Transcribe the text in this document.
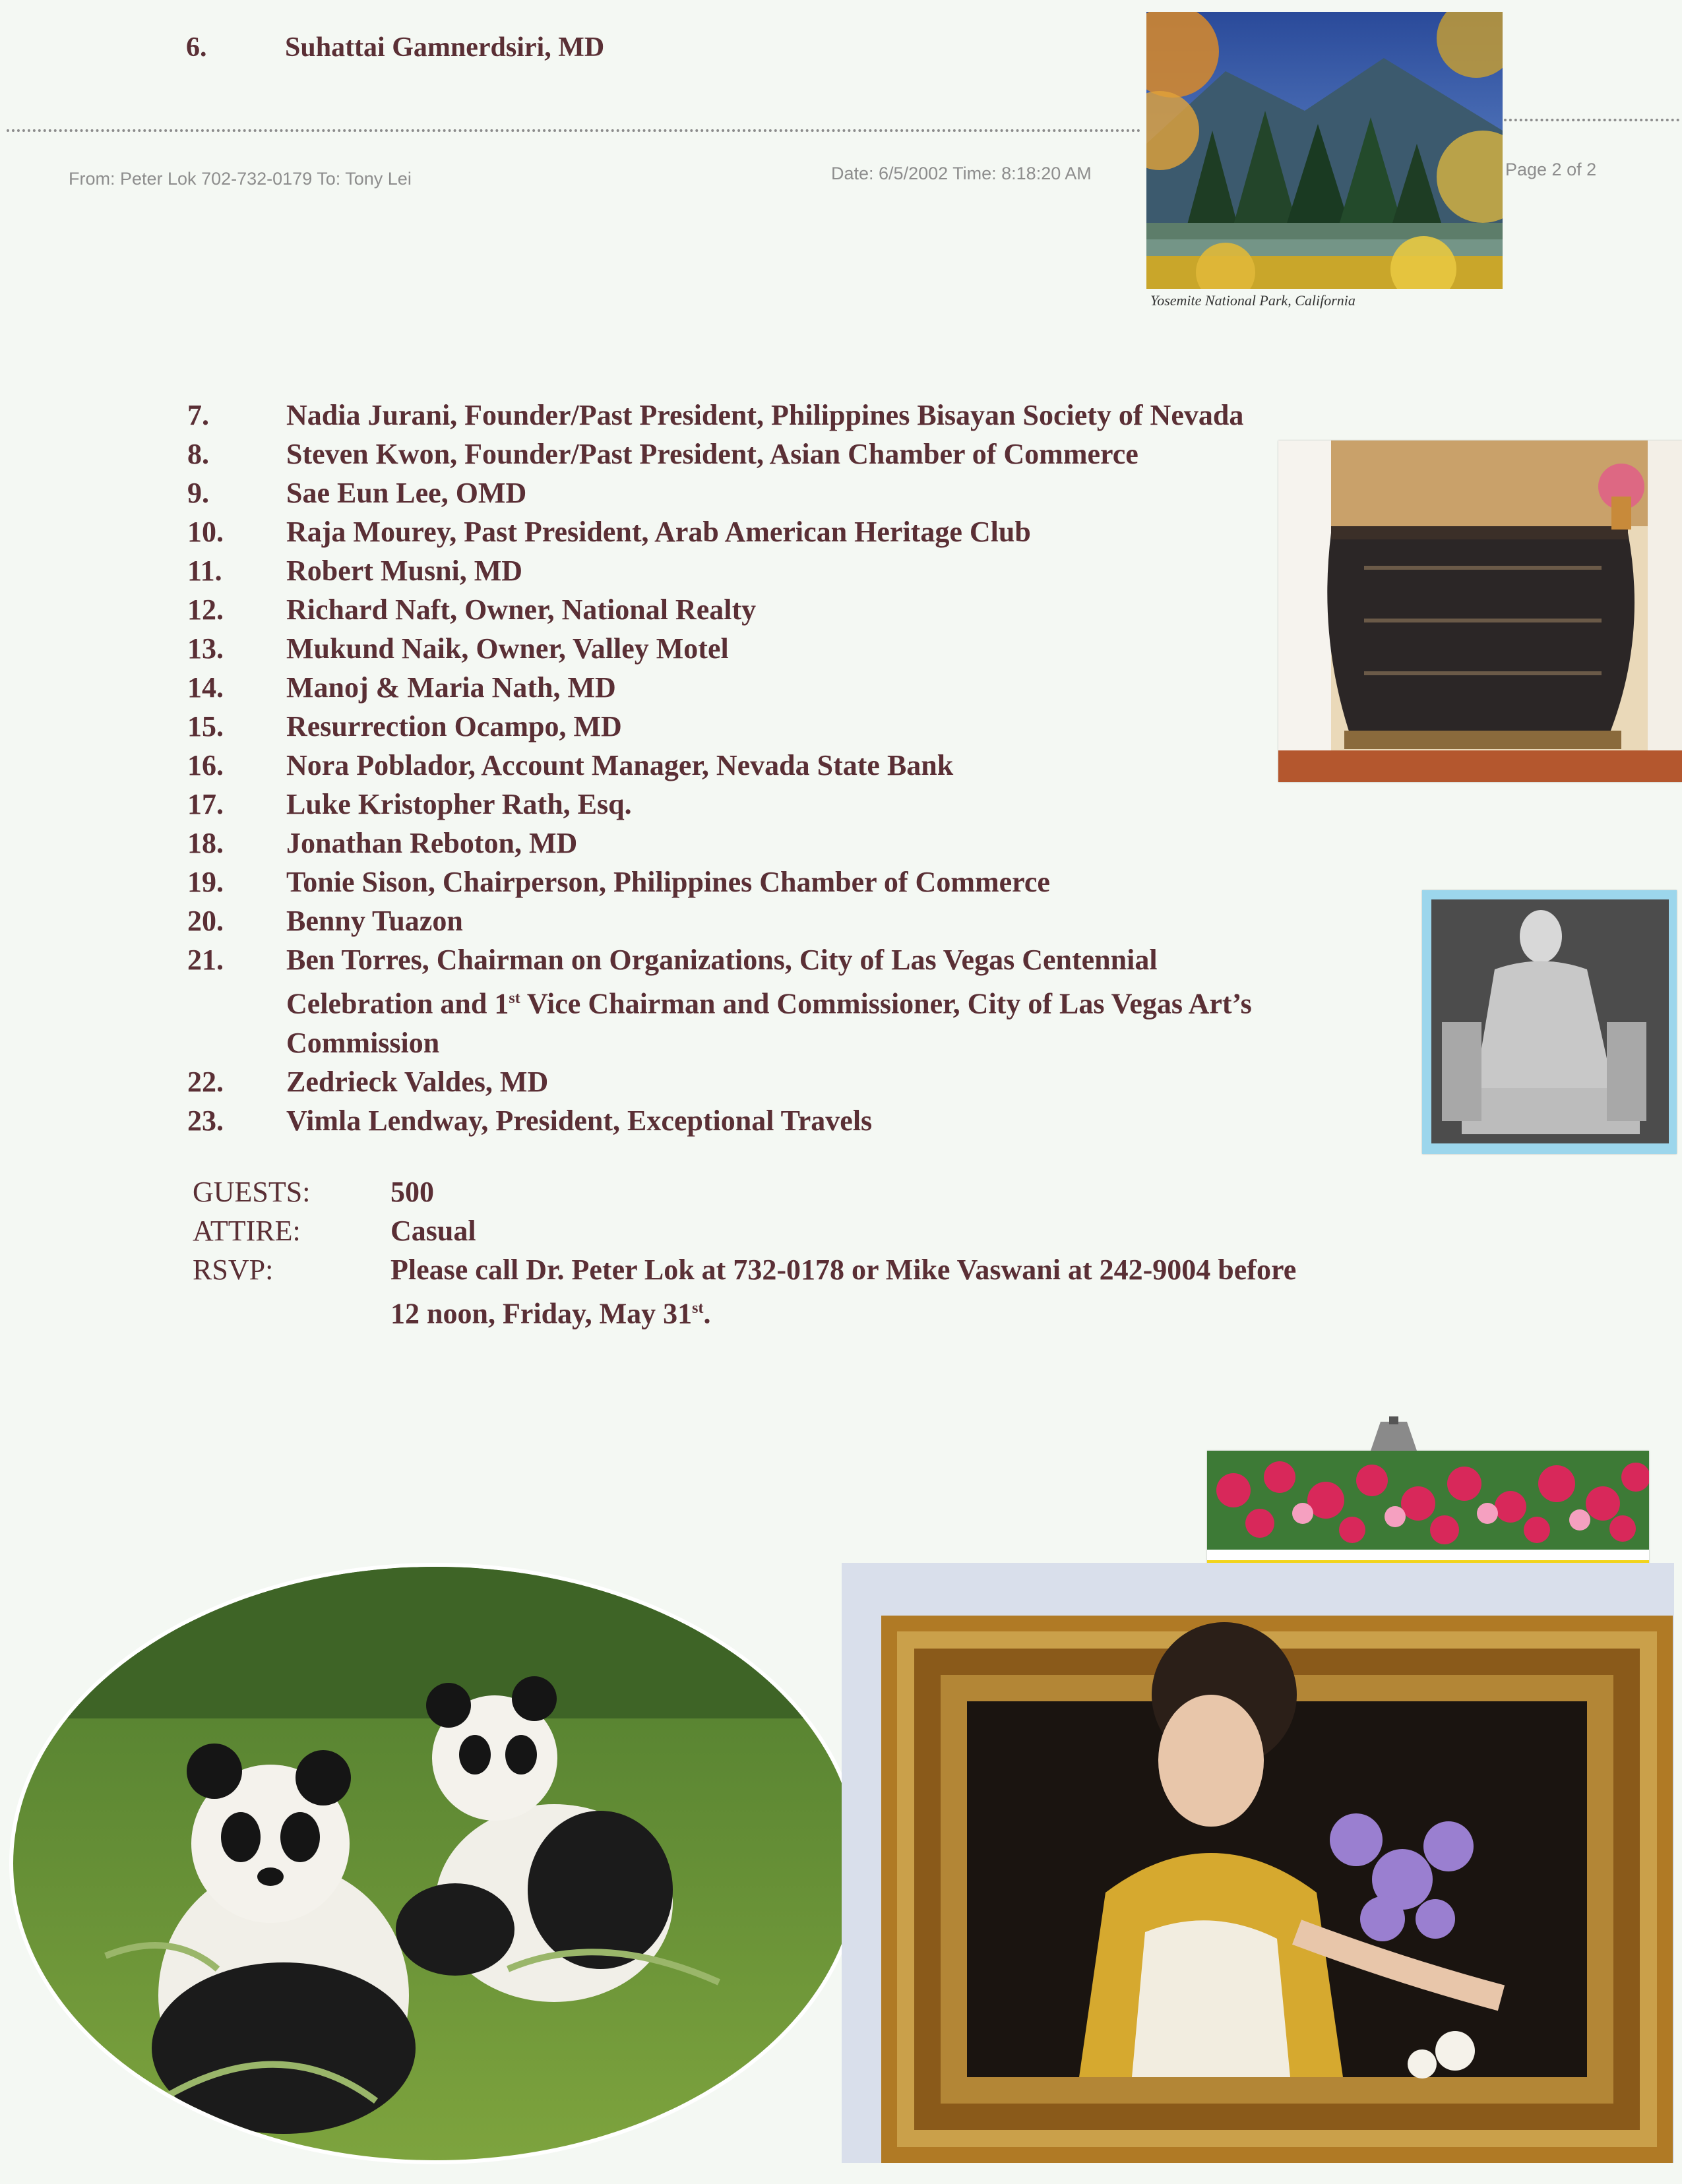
6.	Suhattai Gamnerdsiri, MD
From: Peter Lok 702-732-0179 To: Tony Lei	Date: 6/5/2002 Time: 8:18:20 AM	Page 2 of 2
Yosemite National Park, California
7.	Nadia Jurani, Founder/Past President, Philippines Bisayan Society of Nevada
8.	Steven Kwon, Founder/Past President, Asian Chamber of Commerce
9.	Sae Eun Lee, OMD
10.	Raja Mourey, Past President, Arab American Heritage Club
11.	Robert Musni, MD
12.	Richard Naft, Owner, National Realty
13.	Mukund Naik, Owner, Valley Motel
14.	Manoj & Maria Nath, MD
15.	Resurrection Ocampo, MD
16.	Nora Poblador, Account Manager, Nevada State Bank
17.	Luke Kristopher Rath, Esq.
18.	Jonathan Reboton, MD
19.	Tonie Sison, Chairperson, Philippines Chamber of Commerce
20.	Benny Tuazon
21.	Ben Torres, Chairman on Organizations, City of Las Vegas Centennial
Celebration and 1st Vice Chairman and Commissioner, City of Las Vegas Art’s
Commission
22.	Zedrieck Valdes, MD
23.	Vimla Lendway, President, Exceptional Travels
GUESTS:	500
ATTIRE:	Casual
RSVP:	Please call Dr. Peter Lok at 732-0178 or Mike Vaswani at 242-9004 before
12 noon, Friday, May 31st.
